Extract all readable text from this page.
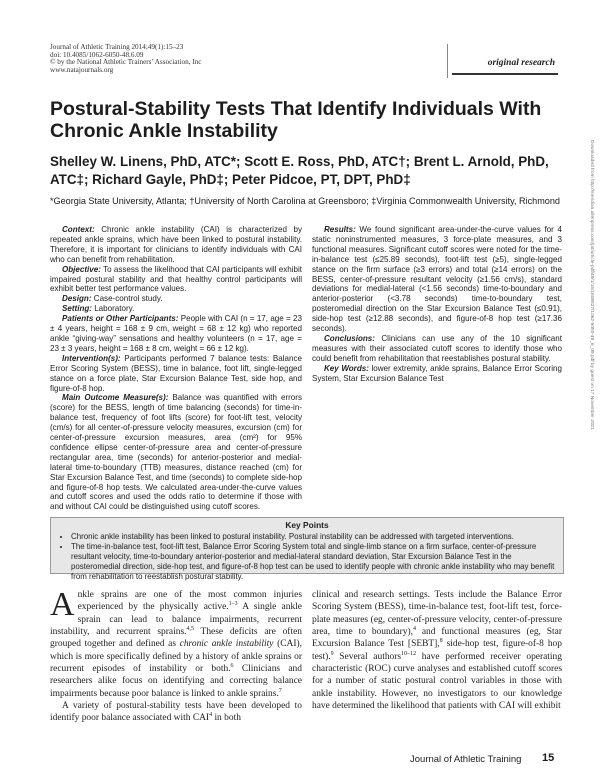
Journal of Athletic Training 2014;49(1):15–23
doi: 10.4085/1062-6050-48.6.09
© by the National Athletic Trainers’ Association, Inc
www.natajournals.org
original research
Postural-Stability Tests That Identify Individuals With Chronic Ankle Instability
Shelley W. Linens, PhD, ATC*; Scott E. Ross, PhD, ATC†; Brent L. Arnold, PhD, ATC‡; Richard Gayle, PhD‡; Peter Pidcoe, PT, DPT, PhD‡
*Georgia State University, Atlanta; †University of North Carolina at Greensboro; ‡Virginia Commonwealth University, Richmond

Context: Chronic ankle instability (CAI) is characterized by repeated ankle sprains, which have been linked to postural instability. Therefore, it is important for clinicians to identify individuals with CAI who can benefit from rehabilitation.

Objective: To assess the likelihood that CAI participants will exhibit impaired postural stability and that healthy control participants will exhibit better test performance values.

Design: Case-control study.

Setting: Laboratory.

Patients or Other Participants: People with CAI (n = 17, age = 23 ± 4 years, height = 168 ± 9 cm, weight = 68 ± 12 kg) who reported ankle “giving-way” sensations and healthy volunteers (n = 17, age = 23 ± 3 years, height = 168 ± 8 cm, weight = 66 ± 12 kg).

Intervention(s): Participants performed 7 balance tests: Balance Error Scoring System (BESS), time in balance, foot lift, single-legged stance on a force plate, Star Excursion Balance Test, side hop, and figure-of-8 hop.

Main Outcome Measure(s): Balance was quantified with errors (score) for the BESS, length of time balancing (seconds) for time-in-balance test, frequency of foot lifts (score) for foot-lift test, velocity (cm/s) for all center-of-pressure velocity measures, excursion (cm) for center-of-pressure excursion measures, area (cm²) for 95% confidence ellipse center-of-pressure area and center-of-pressure rectangular area, time (seconds) for anterior-posterior and medial-lateral time-to-boundary (TTB) measures, distance reached (cm) for Star Excursion Balance Test, and time (seconds) to complete side-hop and figure-of-8 hop tests. We calculated area-under-the-curve values and cutoff scores and used the odds ratio to determine if those with and without CAI could be distinguished using cutoff scores.

Results: We found significant area-under-the-curve values for 4 static noninstrumented measures, 3 force-plate measures, and 3 functional measures. Significant cutoff scores were noted for the time-in-balance test (≤25.89 seconds), foot-lift test (≥5), single-legged stance on the firm surface (≥3 errors) and total (≥14 errors) on the BESS, center-of-pressure resultant velocity (≥1.56 cm/s), standard deviations for medial-lateral (<1.56 seconds) time-to-boundary and anterior-posterior (<3.78 seconds) time-to-boundary test, posteromedial direction on the Star Excursion Balance Test (≤0.91), side-hop test (≥12.88 seconds), and figure-of-8 hop test (≥17.36 seconds).

Conclusions: Clinicians can use any of the 10 significant measures with their associated cutoff scores to identify those who could benefit from rehabilitation that reestablishes postural stability.

Key Words: lower extremity, ankle sprains, Balance Error Scoring System, Star Excursion Balance Test

Key Points
• Chronic ankle instability has been linked to postural instability. Postural instability can be addressed with targeted interventions.
• The time-in-balance test, foot-lift test, Balance Error Scoring System total and single-limb stance on a firm surface, center-of-pressure resultant velocity, time-to-boundary anterior-posterior and medial-lateral standard deviation, Star Excursion Balance Test in the posteromedial direction, side-hop test, and figure-of-8 hop test can be used to identify people with chronic ankle instability who may benefit from rehabilitation to reestablish postural stability.

Ankle sprains are one of the most common injuries experienced by the physically active.$^{1-3}$ A single ankle sprain can lead to balance impairments, recurrent instability, and recurrent sprains.$^{4,5}$ These deficits are often grouped together and defined as chronic ankle instability (CAI), which is more specifically defined by a history of ankle sprains or recurrent episodes of instability or both.$^6$ Clinicians and researchers alike focus on identifying and correcting balance impairments because poor balance is linked to ankle sprains.$^7$

A variety of postural-stability tests have been developed to identify poor balance associated with CAI$^4$ in both

clinical and research settings. Tests include the Balance Error Scoring System (BESS), time-in-balance test, foot-lift test, force-plate measures (eg, center-of-pressure velocity, center-of-pressure area, time to boundary),$^4$ and functional measures (eg, Star Excursion Balance Test [SEBT],$^8$ side-hop test, figure-of-8 hop test).$^9$ Several authors$^{10-12}$ have performed receiver operating characteristic (ROC) curve analyses and established cutoff scores for a number of static postural control variables in those with ankle instability. However, no investigators to our knowledge have determined the likelihood that patients with CAI will exhibit

Journal of Athletic Training 15
Downloaded from http://meridian.allenpress.com/jat/article-pdf/49/1/15/1608827/1062-6050-48_6_09.pdf by guest on 17 November 2021
